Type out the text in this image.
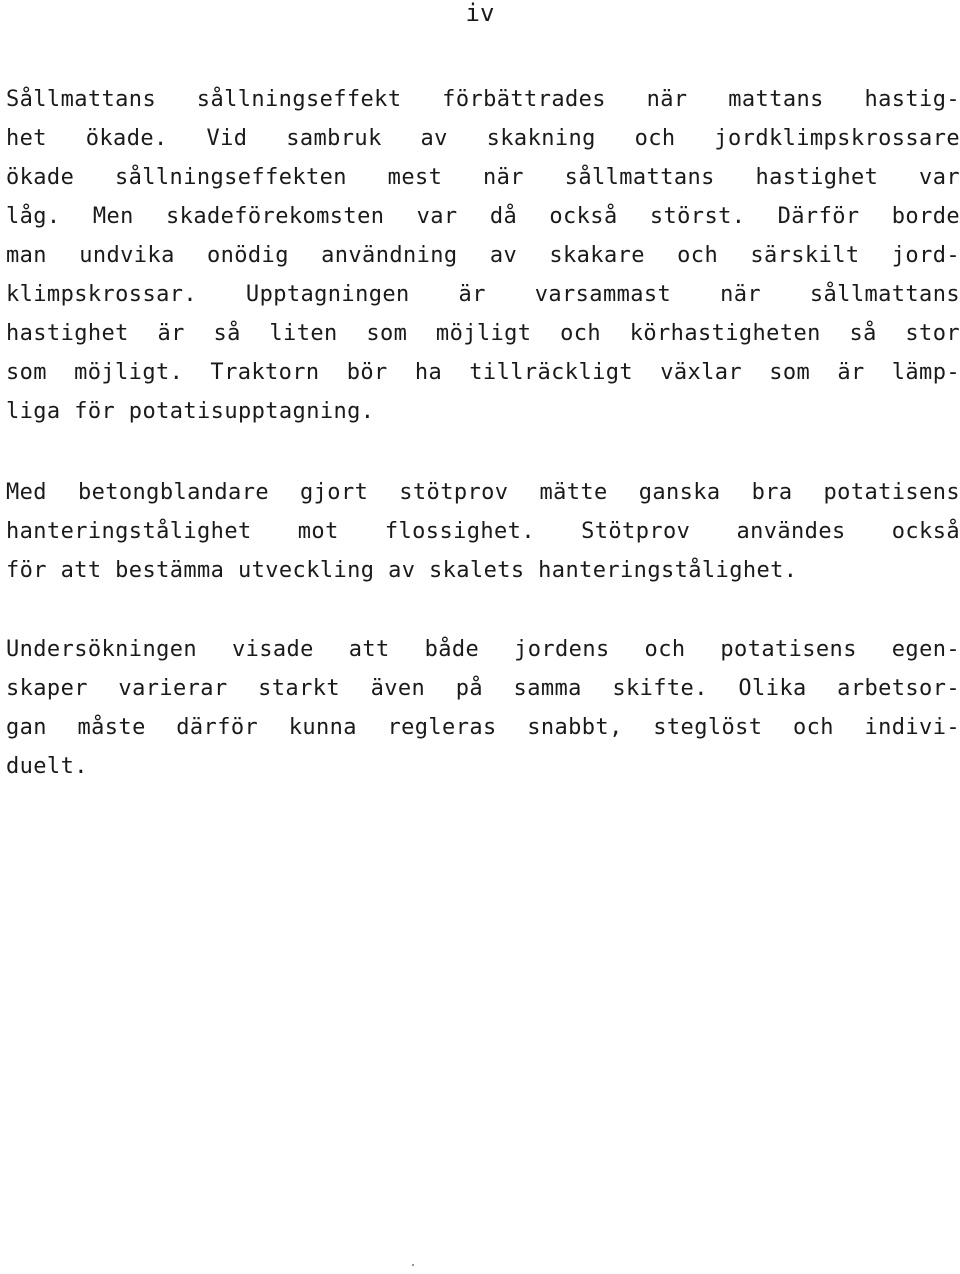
iv
Sållmattans sållningseffekt förbättrades när mattans hastig-
het ökade. Vid sambruk av skakning och jordklimpskrossare
ökade sållningseffekten mest när sållmattans hastighet var
låg. Men skadeförekomsten var då också störst. Därför borde
man undvika onödig användning av skakare och särskilt jord-
klimpskrossar. Upptagningen är varsammast när sållmattans
hastighet är så liten som möjligt och körhastigheten så stor
som möjligt. Traktorn bör ha tillräckligt växlar som är lämp-
liga för potatisupptagning.
Med betongblandare gjort stötprov mätte ganska bra potatisens
hanteringstålighet mot flossighet. Stötprov användes också
för att bestämma utveckling av skalets hanteringstålighet.
Undersökningen visade att både jordens och potatisens egen-
skaper varierar starkt även på samma skifte. Olika arbetsor-
gan måste därför kunna regleras snabbt, steglöst och indivi-
duelt.
